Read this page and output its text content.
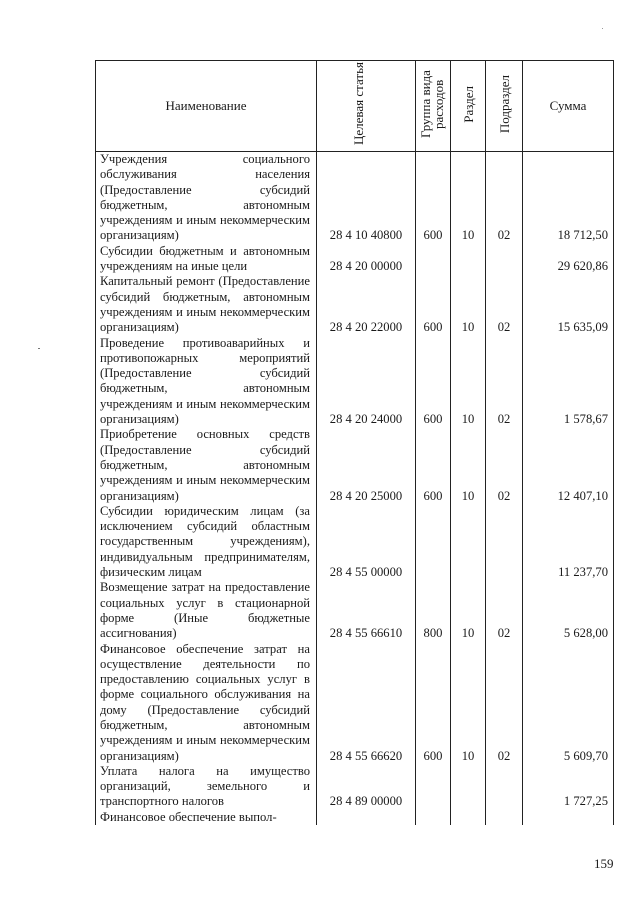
Наименование	Целевая статья	Группа вида расходов	Раздел	Подраздел	Сумма
Учреждения социального обслуживания населения (Предоставление субсидий бюджетным, автономным учреждениям и иным некоммерческим организациям)	28 4 10 40800	600	10	02	18 712,50
Субсидии бюджетным и автономным учреждениям на иные цели	28 4 20 00000				29 620,86
Капитальный ремонт (Предоставление субсидий бюджетным, автономным учреждениям и иным некоммерческим организациям)	28 4 20 22000	600	10	02	15 635,09
Проведение противоаварийных и противопожарных мероприятий (Предоставление субсидий бюджетным, автономным учреждениям и иным некоммерческим организациям)	28 4 20 24000	600	10	02	1 578,67
Приобретение основных средств (Предоставление субсидий бюджетным, автономным учреждениям и иным некоммерческим организациям)	28 4 20 25000	600	10	02	12 407,10
Субсидии юридическим лицам (за исключением субсидий областным государственным учреждениям), индивидуальным предпринимателям, физическим лицам	28 4 55 00000				11 237,70
Возмещение затрат на предоставление социальных услуг в стационарной форме (Иные бюджетные ассигнования)	28 4 55 66610	800	10	02	5 628,00
Финансовое обеспечение затрат на осуществление деятельности по предоставлению социальных услуг в форме социального обслуживания на дому (Предоставление субсидий бюджетным, автономным учреждениям и иным некоммерческим организациям)	28 4 55 66620	600	10	02	5 609,70
Уплата налога на имущество организаций, земельного и транспортного налогов	28 4 89 00000				1 727,25
Финансовое обеспечение выпол-					
159
